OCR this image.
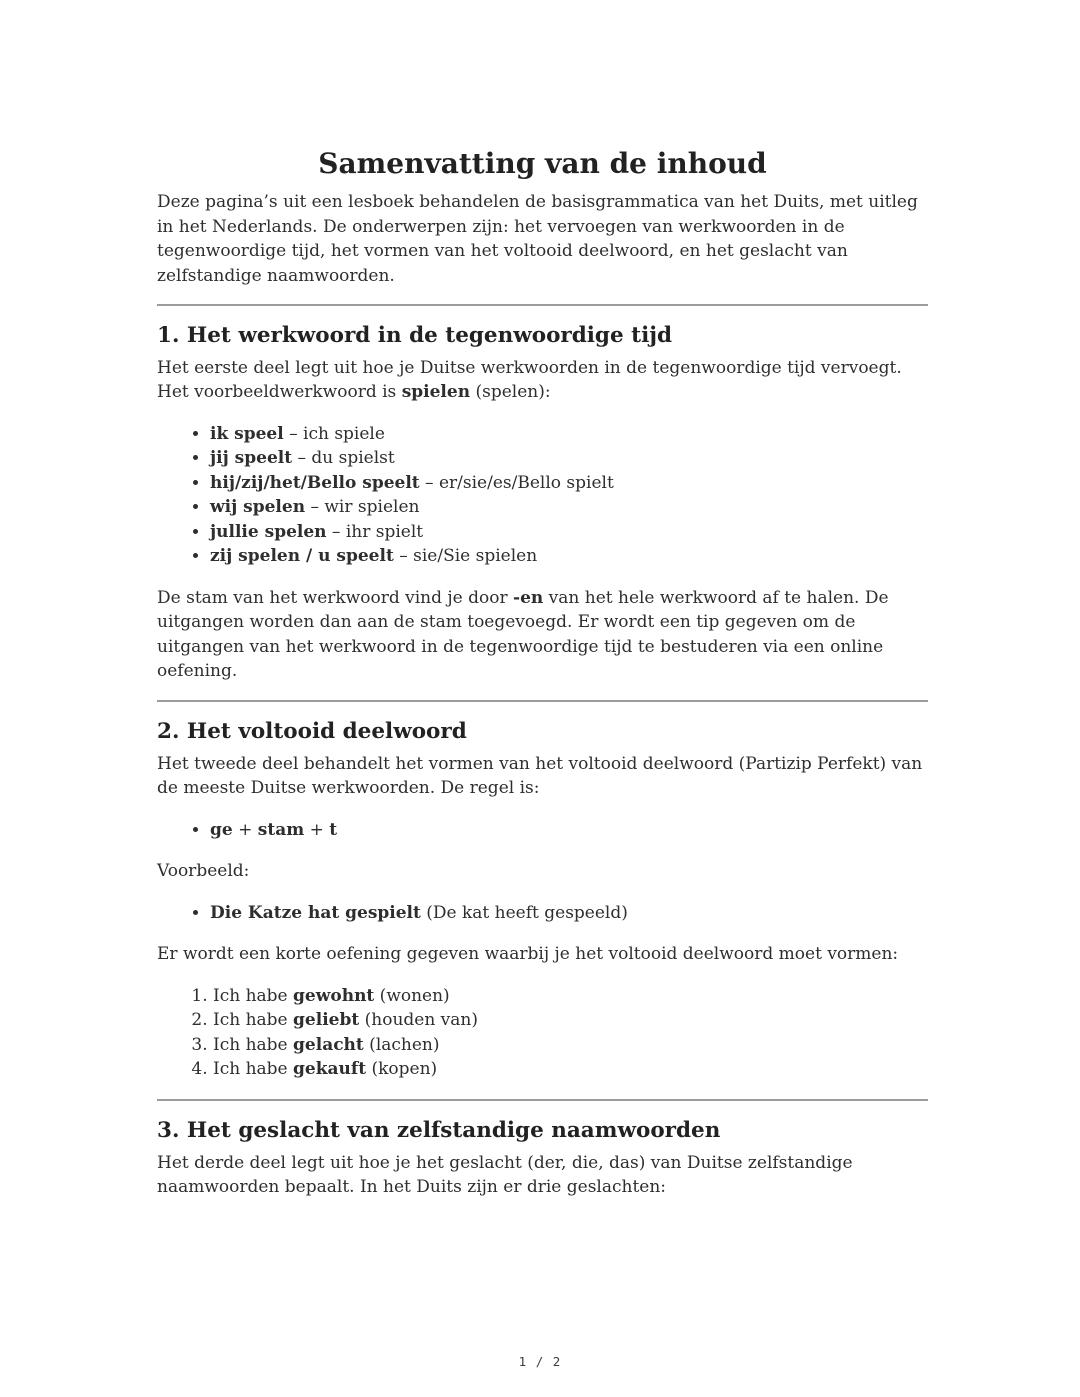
Samenvatting van de inhoud

Deze pagina’s uit een lesboek behandelen de basisgrammatica van het Duits, met uitleg in het Nederlands. De onderwerpen zijn: het vervoegen van werkwoorden in de tegenwoordige tijd, het vormen van het voltooid deelwoord, en het geslacht van zelfstandige naamwoorden.

1. Het werkwoord in de tegenwoordige tijd

Het eerste deel legt uit hoe je Duitse werkwoorden in de tegenwoordige tijd vervoegt. Het voorbeeldwerkwoord is spielen (spelen):

• ik speel – ich spiele
• jij speelt – du spielst
• hij/zij/het/Bello speelt – er/sie/es/Bello spielt
• wij spelen – wir spielen
• jullie spelen – ihr spielt
• zij spelen / u speelt – sie/Sie spielen

De stam van het werkwoord vind je door -en van het hele werkwoord af te halen. De uitgangen worden dan aan de stam toegevoegd. Er wordt een tip gegeven om de uitgangen van het werkwoord in de tegenwoordige tijd te bestuderen via een online oefening.

2. Het voltooid deelwoord

Het tweede deel behandelt het vormen van het voltooid deelwoord (Partizip Perfekt) van de meeste Duitse werkwoorden. De regel is:

• ge + stam + t

Voorbeeld:

• Die Katze hat gespielt (De kat heeft gespeeld)

Er wordt een korte oefening gegeven waarbij je het voltooid deelwoord moet vormen:

1. Ich habe gewohnt (wonen)
2. Ich habe geliebt (houden van)
3. Ich habe gelacht (lachen)
4. Ich habe gekauft (kopen)
3. Het geslacht van zelfstandige naamwoorden

Het derde deel legt uit hoe je het geslacht (der, die, das) van Duitse zelfstandige naamwoorden bepaalt. In het Duits zijn er drie geslachten:

1 / 2
